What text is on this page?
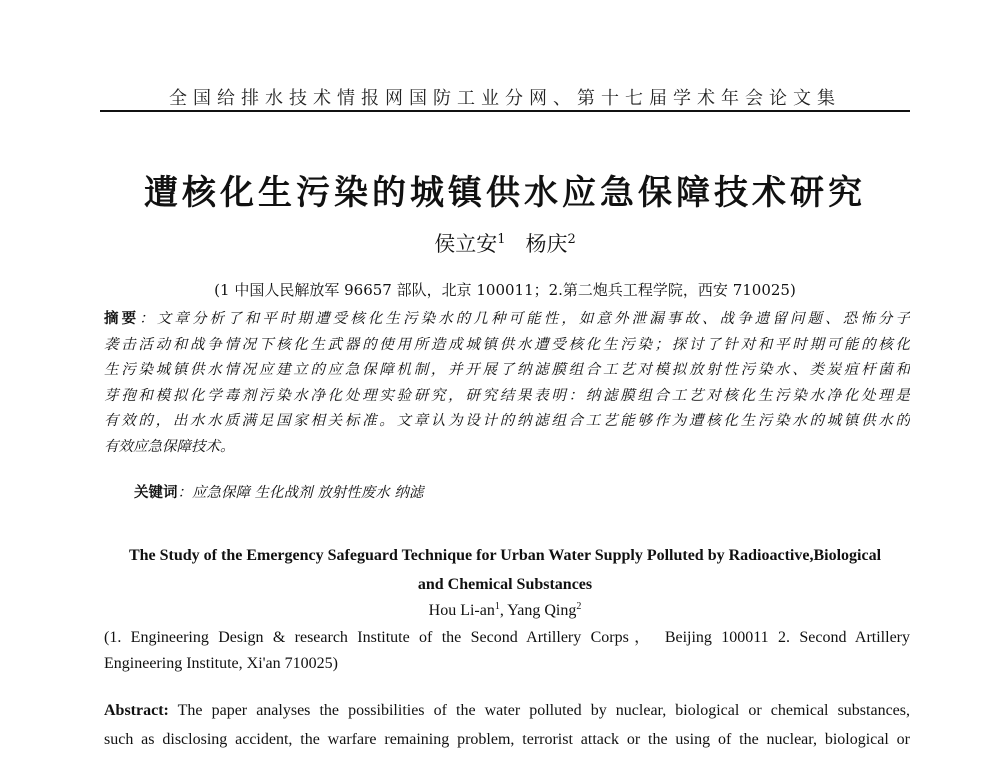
全国给排水技术情报网国防工业分网、第十七届学术年会论文集
遭核化生污染的城镇供水应急保障技术研究
侯立安$^1$ 杨庆$^2$
(1 中国人民解放军 96657 部队，北京 100011；2.第二炮兵工程学院，西安 710025)
摘要：文章分析了和平时期遭受核化生污染水的几种可能性，如意外泄漏事故、战争遗留问题、恐怖分子
袭击活动和战争情况下核化生武器的使用所造成城镇供水遭受核化生污染；探讨了针对和平时期可能的核化
生污染城镇供水情况应建立的应急保障机制，并开展了纳滤膜组合工艺对模拟放射性污染水、类炭疽杆菌和
芽孢和模拟化学毒剂污染水净化处理实验研究，研究结果表明：纳滤膜组合工艺对核化生污染水净化处理是
有效的，出水水质满足国家相关标准。文章认为设计的纳滤组合工艺能够作为遭核化生污染水的城镇供水的
有效应急保障技术。
关键词：应急保障 生化战剂 放射性废水 纳滤
The Study of the Emergency Safeguard Technique for Urban Water Supply Polluted by Radioactive,Biological
and Chemical Substances
Hou $Li-an^1$, Yang Qing$^2$
(1. Engineering Design & research Institute of the Second Artillery Corps， Beijing 100011 2. Second Artillery
Engineering Institute, Xi'an 710025)
Abstract: The paper analyses the possibilities of the water polluted by nuclear, biological or chemical substances,
such as disclosing accident, the warfare remaining problem, terrorist attack or the using of the nuclear, biological or
